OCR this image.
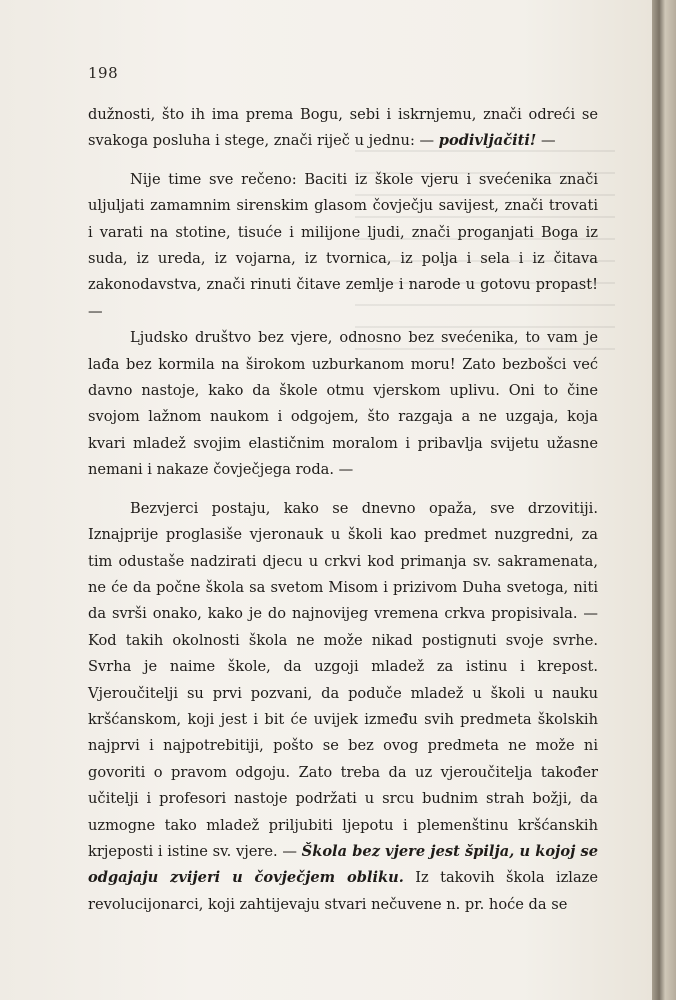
198

dužnosti, što ih ima prema Bogu, sebi i iskrnjemu, znači odreći se svakoga posluha i stege, znači riječ u jednu: — podivljačiti! —

Nije time sve rečeno: Baciti iz škole vjeru i svećenika znači uljuljati zamamnim sirenskim glasom čovječju savijest, znači trovati i varati na stotine, tisuće i milijone ljudi, znači proganjati Boga iz suda, iz ureda, iz vojarna, iz tvornica, iz polja i sela i iz čitava zakonodavstva, znači rinuti čitave zemlje i narode u gotovu propast! —

Ljudsko društvo bez vjere, odnosno bez svećenika, to vam je lađa bez kormila na širokom uzburkanom moru! Zato bezbošci već davno nastoje, kako da škole otmu vjerskom uplivu. Oni to čine svojom lažnom naukom i odgojem, što razgaja a ne uzgaja, koja kvari mladež svojim elastičnim moralom i pribavlja svijetu užasne nemani i nakaze čovječjega roda. —

Bezvjerci postaju, kako se dnevno opaža, sve drzovitiji. Iznajprije proglasiše vjeronauk u školi kao predmet nuzgredni, za tim odustaše nadzirati djecu u crkvi kod primanja sv. sakramenata, ne će da počne škola sa svetom Misom i prizivom Duha svetoga, niti da svrši onako, kako je do najnovijeg vremena crkva propisivala. — Kod takih okolnosti škola ne može nikad postignuti svoje svrhe. Svrha je naime škole, da uzgoji mladež za istinu i krepost. Vjeroučitelji su prvi pozvani, da poduče mladež u školi u nauku kršćanskom, koji jest i bit će uvijek između svih predmeta školskih najprvi i najpotrebitiji, pošto se bez ovog predmeta ne može ni govoriti o pravom odgoju. Zato treba da uz vjeroučitelja također učitelji i profesori nastoje podržati u srcu budnim strah božji, da uzmogne tako mladež priljubiti ljepotu i plemenštinu kršćanskih krjeposti i istine sv. vjere. — Škola bez vjere jest špilja, u kojoj se odgajaju zvijeri u čovječjem obliku. Iz takovih škola izlaze revolucijonarci, koji zahtijevaju stvari nečuvene n. pr. hoće da se
